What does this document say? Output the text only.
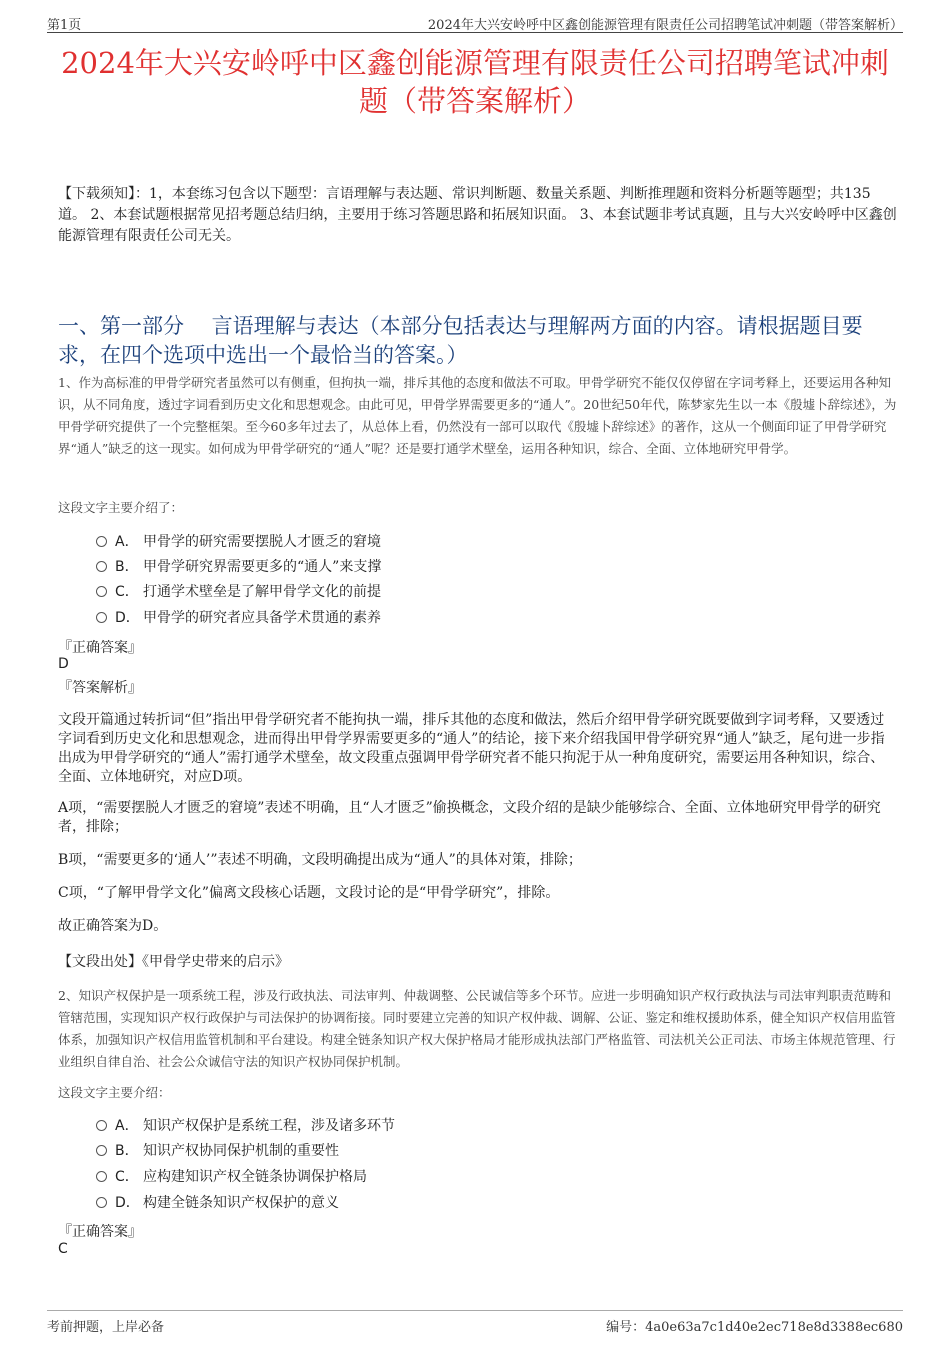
第1页	2024年大兴安岭呼中区鑫创能源管理有限责任公司招聘笔试冲刺题（带答案解析）
2024年大兴安岭呼中区鑫创能源管理有限责任公司招聘笔试冲刺题（带答案解析）
【下载须知】：1，本套练习包含以下题型：言语理解与表达题、常识判断题、数量关系题、判断推理题和资料分析题等题型；共135道。 2、本套试题根据常见招考题总结归纳，主要用于练习答题思路和拓展知识面。 3、本套试题非考试真题，且与大兴安岭呼中区鑫创能源管理有限责任公司无关。
一、第一部分　 言语理解与表达（本部分包括表达与理解两方面的内容。请根据题目要求，在四个选项中选出一个最恰当的答案。）
1、作为高标准的甲骨学研究者虽然可以有侧重，但拘执一端，排斥其他的态度和做法不可取。甲骨学研究不能仅仅停留在字词考释上，还要运用各种知识，从不同角度，透过字词看到历史文化和思想观念。由此可见，甲骨学界需要更多的“通人”。20世纪50年代，陈梦家先生以一本《殷墟卜辞综述》，为甲骨学研究提供了一个完整框架。至今60多年过去了，从总体上看，仍然没有一部可以取代《殷墟卜辞综述》的著作，这从一个侧面印证了甲骨学研究界“通人”缺乏的这一现实。如何成为甲骨学研究的“通人”呢？还是要打通学术壁垒，运用各种知识，综合、全面、立体地研究甲骨学。
这段文字主要介绍了：
A． 甲骨学的研究需要摆脱人才匮乏的窘境
B． 甲骨学研究界需要更多的“通人”来支撑
C． 打通学术壁垒是了解甲骨学文化的前提
D． 甲骨学的研究者应具备学术贯通的素养
『正确答案』
D
『答案解析』
文段开篇通过转折词“但”指出甲骨学研究者不能拘执一端，排斥其他的态度和做法，然后介绍甲骨学研究既要做到字词考释，又要透过字词看到历史文化和思想观念，进而得出甲骨学界需要更多的“通人”的结论，接下来介绍我国甲骨学研究界“通人”缺乏，尾句进一步指出成为甲骨学研究的“通人”需打通学术壁垒，故文段重点强调甲骨学研究者不能只拘泥于从一种角度研究，需要运用各种知识，综合、全面、立体地研究，对应D项。
A项，“需要摆脱人才匮乏的窘境”表述不明确，且“人才匮乏”偷换概念，文段介绍的是缺少能够综合、全面、立体地研究甲骨学的研究者，排除；
B项，“需要更多的‘通人’”表述不明确，文段明确提出成为“通人”的具体对策，排除；
C项，“了解甲骨学文化”偏离文段核心话题，文段讨论的是“甲骨学研究”，排除。
故正确答案为D。
【文段出处】《甲骨学史带来的启示》
2、知识产权保护是一项系统工程，涉及行政执法、司法审判、仲裁调整、公民诚信等多个环节。应进一步明确知识产权行政执法与司法审判职责范畴和管辖范围，实现知识产权行政保护与司法保护的协调衔接。同时要建立完善的知识产权仲裁、调解、公证、鉴定和维权援助体系，健全知识产权信用监管体系，加强知识产权信用监管机制和平台建设。构建全链条知识产权大保护格局才能形成执法部门严格监管、司法机关公正司法、市场主体规范管理、行业组织自律自治、社会公众诚信守法的知识产权协同保护机制。
这段文字主要介绍：
A． 知识产权保护是系统工程，涉及诸多环节
B． 知识产权协同保护机制的重要性
C． 应构建知识产权全链条协调保护格局
D． 构建全链条知识产权保护的意义
『正确答案』
C
考前押题，上岸必备	编号：4a0e63a7c1d40e2ec718e8d3388ec680
